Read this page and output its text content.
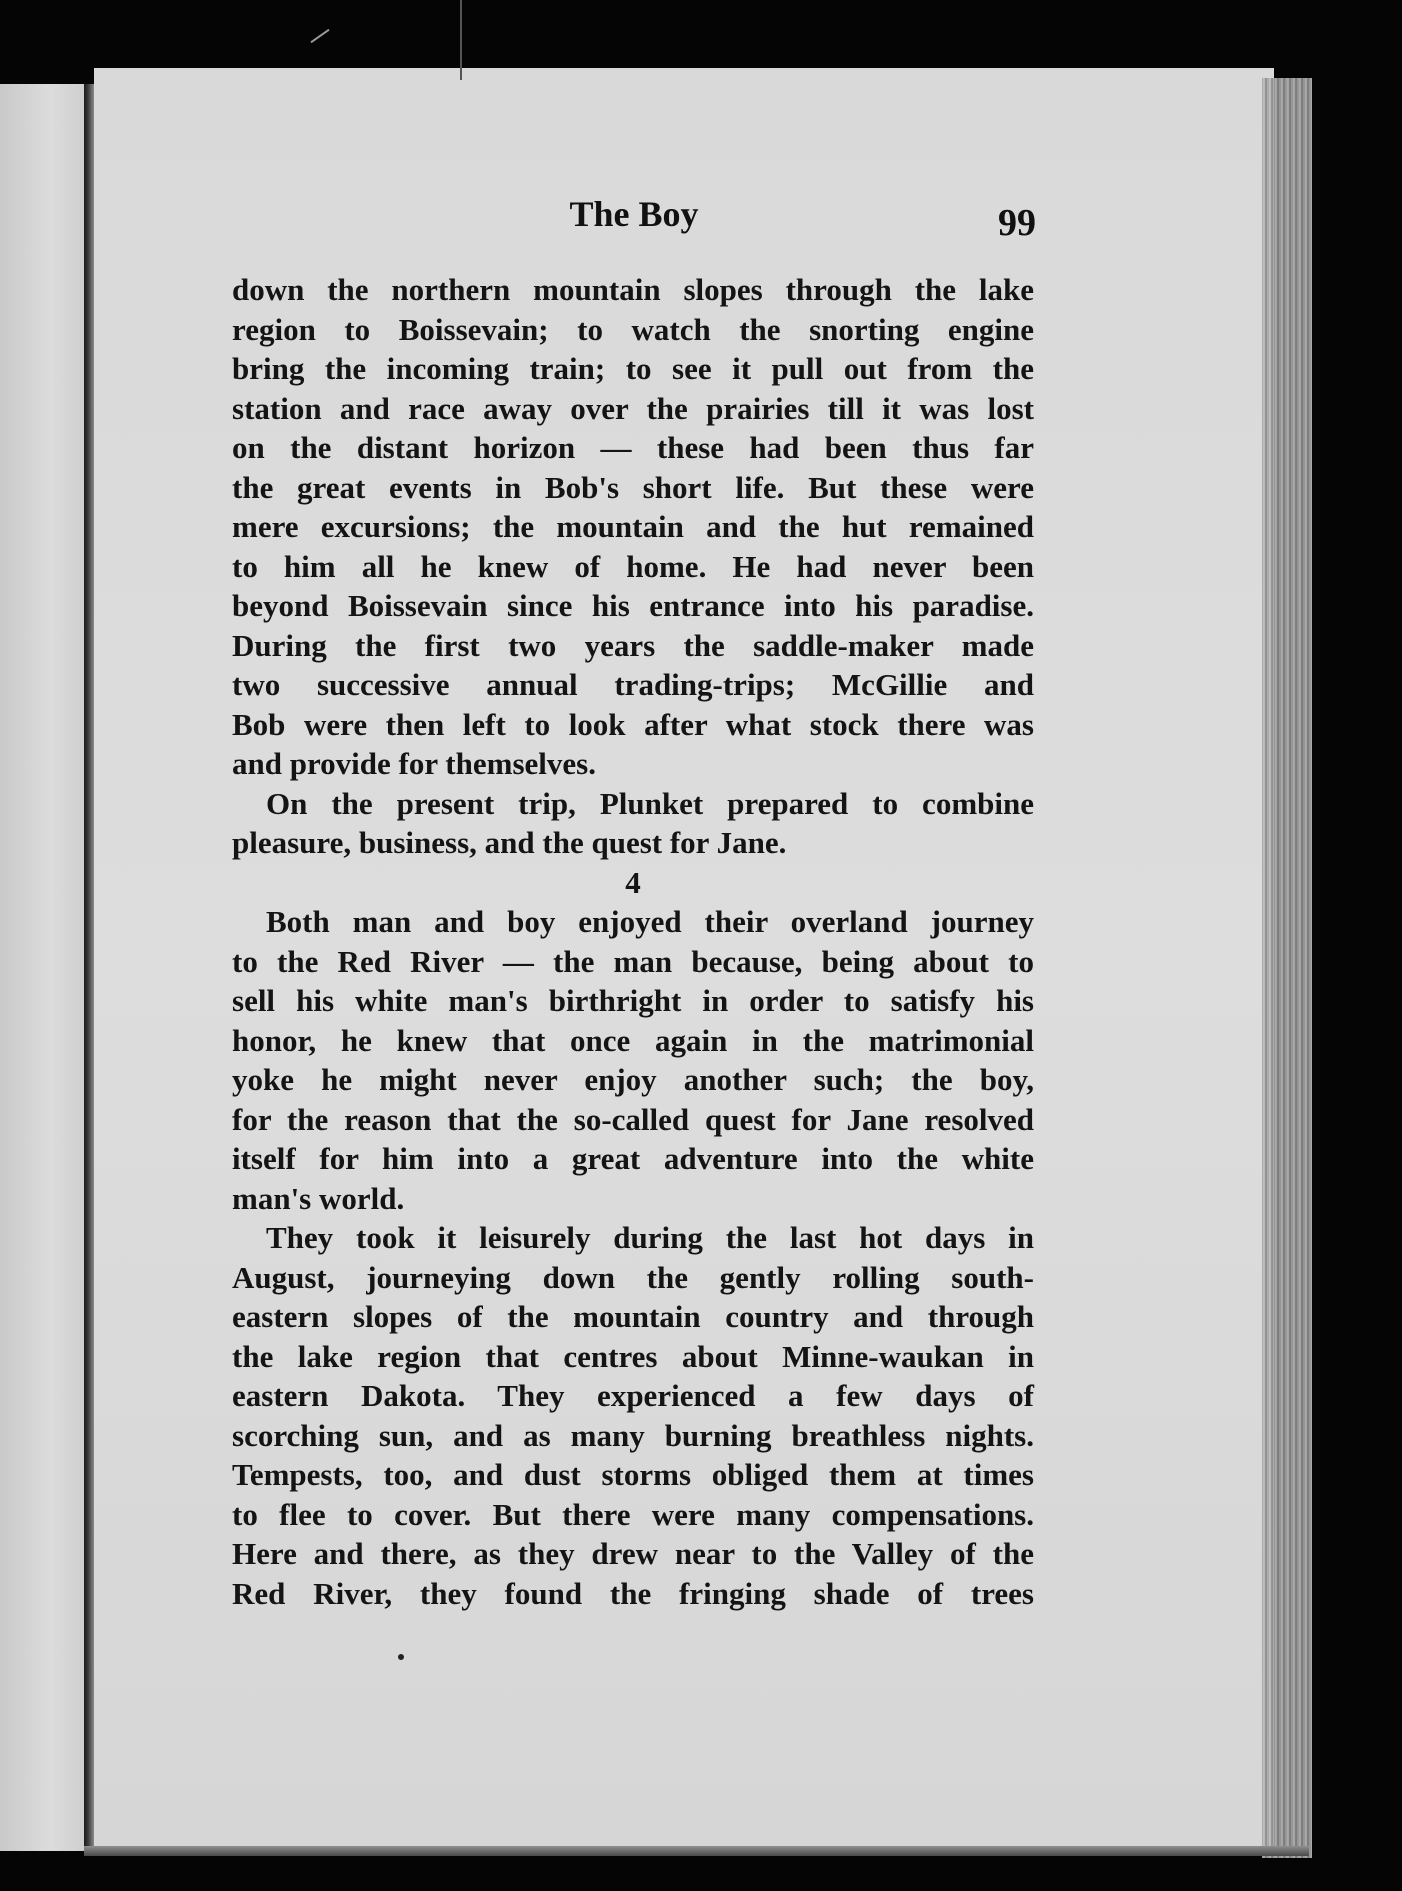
The Boy	99
down the northern mountain slopes through the lake
region to Boissevain; to watch the snorting engine
bring the incoming train; to see it pull out from the
station and race away over the prairies till it was lost
on the distant horizon — these had been thus far
the great events in Bob's short life. But these were
mere excursions; the mountain and the hut remained
to him all he knew of home. He had never been
beyond Boissevain since his entrance into his paradise.
During the first two years the saddle-maker made
two successive annual trading-trips; McGillie and
Bob were then left to look after what stock there was
and provide for themselves.
On the present trip, Plunket prepared to combine
pleasure, business, and the quest for Jane.
4
Both man and boy enjoyed their overland journey
to the Red River — the man because, being about to
sell his white man's birthright in order to satisfy his
honor, he knew that once again in the matrimonial
yoke he might never enjoy another such; the boy,
for the reason that the so-called quest for Jane resolved
itself for him into a great adventure into the white
man's world.
They took it leisurely during the last hot days in
August, journeying down the gently rolling south-
eastern slopes of the mountain country and through
the lake region that centres about Minne-waukan in
eastern Dakota. They experienced a few days of
scorching sun, and as many burning breathless nights.
Tempests, too, and dust storms obliged them at times
to flee to cover. But there were many compensations.
Here and there, as they drew near to the Valley of the
Red River, they found the fringing shade of trees
